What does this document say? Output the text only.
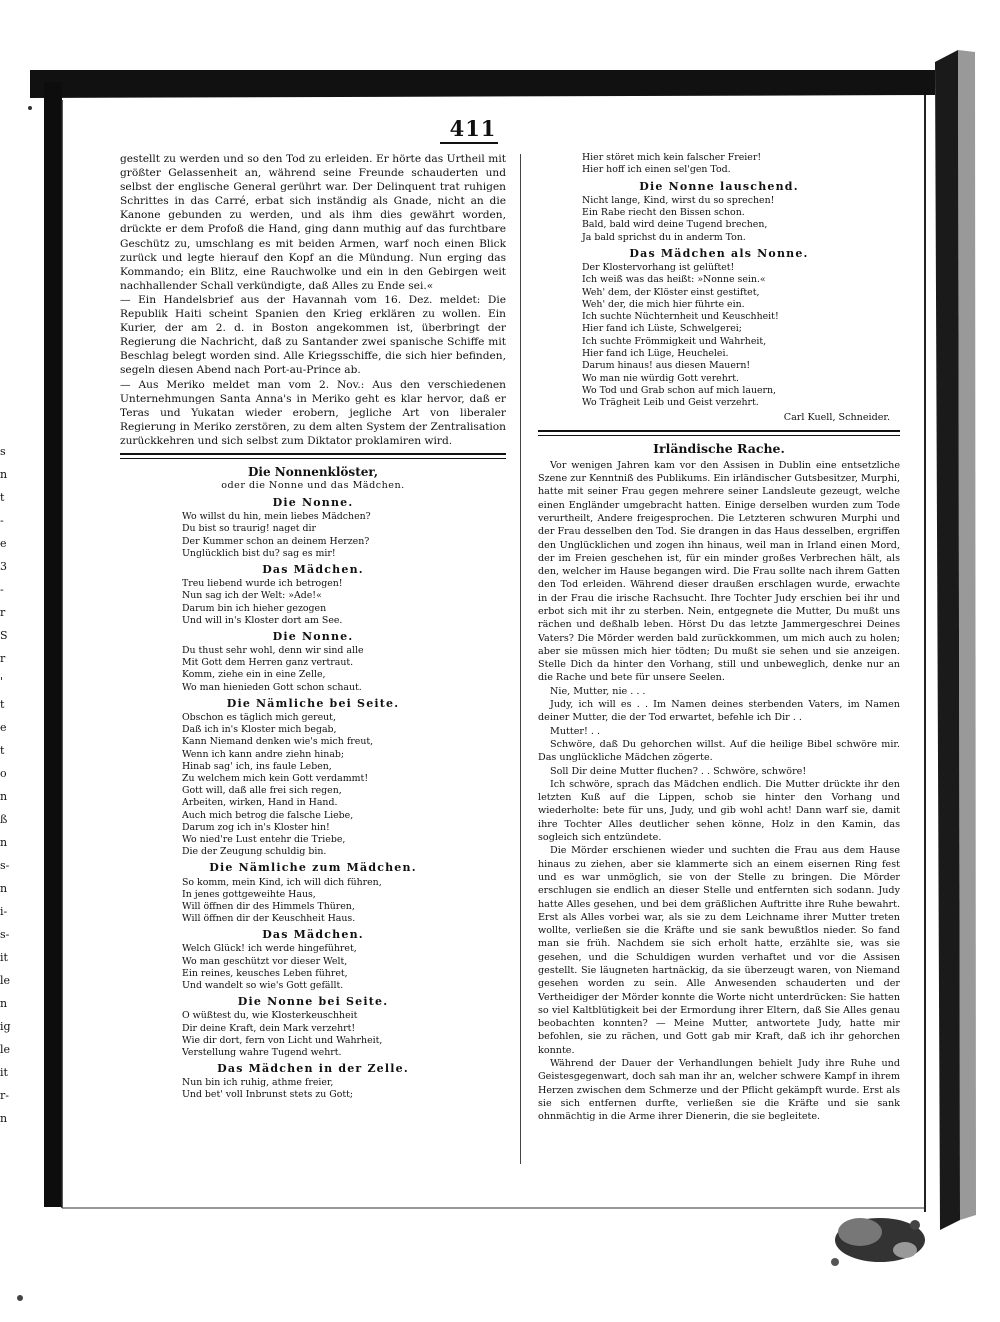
s
n
t
-
e
3
-
r
S
r
'
t
e
t
o
n
ß
n
s-
n
i-
s-
it
le
n
ig
le
it
r-
n
411

gestellt zu werden und so den Tod zu erleiden. Er hörte das Urtheil mit größter Gelassenheit an, während seine Freunde schauderten und selbst der englische General gerührt war. Der Delinquent trat ruhigen Schrittes in das Carré, erbat sich inständig als Gnade, nicht an die Kanone gebunden zu werden, und als ihm dies gewährt worden, drückte er dem Profoß die Hand, ging dann muthig auf das furchtbare Geschütz zu, umschlang es mit beiden Armen, warf noch einen Blick zurück und legte hierauf den Kopf an die Mündung. Nun erging das Kommando; ein Blitz, eine Rauchwolke und ein in den Gebirgen weit nachhallender Schall verkündigte, daß Alles zu Ende sei.«

— Ein Handelsbrief aus der Havannah vom 16. Dez. meldet: Die Republik Haiti scheint Spanien den Krieg erklären zu wollen. Ein Kurier, der am 2. d. in Boston angekommen ist, überbringt der Regierung die Nachricht, daß zu Santander zwei spanische Schiffe mit Beschlag belegt worden sind. Alle Kriegsschiffe, die sich hier befinden, segeln diesen Abend nach Port-au-Prince ab.

— Aus Meriko meldet man vom 2. Nov.: Aus den verschiedenen Unternehmungen Santa Anna's in Meriko geht es klar hervor, daß er Teras und Yukatan wieder erobern, jegliche Art von liberaler Regierung in Meriko zerstören, zu dem alten System der Zentralisation zurückkehren und sich selbst zum Diktator proklamiren wird.

Die Nonnenklöster,
oder die Nonne und das Mädchen.
Die Nonne.
Wo willst du hin, mein liebes Mädchen?
Du bist so traurig! naget dir
Der Kummer schon an deinem Herzen?
Unglücklich bist du? sag es mir!
Das Mädchen.
Treu liebend wurde ich betrogen!
Nun sag ich der Welt: »Ade!«
Darum bin ich hieher gezogen
Und will in's Kloster dort am See.
Die Nonne.
Du thust sehr wohl, denn wir sind alle
Mit Gott dem Herren ganz vertraut.
Komm, ziehe ein in eine Zelle,
Wo man hienieden Gott schon schaut.
Die Nämliche bei Seite.
Obschon es täglich mich gereut,
Daß ich in's Kloster mich begab,
Kann Niemand denken wie's mich freut,
Wenn ich kann andre ziehn hinab;
Hinab sag' ich, ins faule Leben,
Zu welchem mich kein Gott verdammt!
Gott will, daß alle frei sich regen,
Arbeiten, wirken, Hand in Hand.
Auch mich betrog die falsche Liebe,
Darum zog ich in's Kloster hin!
Wo nied're Lust entehr die Triebe,
Die der Zeugung schuldig bin.
Die Nämliche zum Mädchen.
So komm, mein Kind, ich will dich führen,
In jenes gottgeweihte Haus,
Will öffnen dir des Himmels Thüren,
Will öffnen dir der Keuschheit Haus.
Das Mädchen.
Welch Glück! ich werde hingeführet,
Wo man geschützt vor dieser Welt,
Ein reines, keusches Leben führet,
Und wandelt so wie's Gott gefällt.
Die Nonne bei Seite.
O wüßtest du, wie Klosterkeuschheit
Dir deine Kraft, dein Mark verzehrt!
Wie dir dort, fern von Licht und Wahrheit,
Verstellung wahre Tugend wehrt.
Das Mädchen in der Zelle.
Nun bin ich ruhig, athme freier,
Und bet' voll Inbrunst stets zu Gott;
Hier störet mich kein falscher Freier!
Hier hoff ich einen sel'gen Tod.
Die Nonne lauschend.
Nicht lange, Kind, wirst du so sprechen!
Ein Rabe riecht den Bissen schon.
Bald, bald wird deine Tugend brechen,
Ja bald sprichst du in anderm Ton.
Das Mädchen als Nonne.
Der Klostervorhang ist gelüftet!
Ich weiß was das heißt: »Nonne sein.«
Weh' dem, der Klöster einst gestiftet,
Weh' der, die mich hier führte ein.
Ich suchte Nüchternheit und Keuschheit!
Hier fand ich Lüste, Schwelgerei;
Ich suchte Frömmigkeit und Wahrheit,
Hier fand ich Lüge, Heuchelei.
Darum hinaus! aus diesen Mauern!
Wo man nie würdig Gott verehrt.
Wo Tod und Grab schon auf mich lauern,
Wo Trägheit Leib und Geist verzehrt.
Carl Kuell, Schneider.
Irländische Rache.

Vor wenigen Jahren kam vor den Assisen in Dublin eine entsetzliche Szene zur Kenntniß des Publikums. Ein irländischer Gutsbesitzer, Murphi, hatte mit seiner Frau gegen mehrere seiner Landsleute gezeugt, welche einen Engländer umgebracht hatten. Einige derselben wurden zum Tode verurtheilt, Andere freigesprochen. Die Letzteren schwuren Murphi und der Frau desselben den Tod. Sie drangen in das Haus desselben, ergriffen den Unglücklichen und zogen ihn hinaus, weil man in Irland einen Mord, der im Freien geschehen ist, für ein minder großes Verbrechen hält, als den, welcher im Hause begangen wird. Die Frau sollte nach ihrem Gatten den Tod erleiden. Während dieser draußen erschlagen wurde, erwachte in der Frau die irische Rachsucht. Ihre Tochter Judy erschien bei ihr und erbot sich mit ihr zu sterben. Nein, entgegnete die Mutter, Du mußt uns rächen und deßhalb leben. Hörst Du das letzte Jammergeschrei Deines Vaters? Die Mörder werden bald zurückkommen, um mich auch zu holen; aber sie müssen mich hier tödten; Du mußt sie sehen und sie anzeigen. Stelle Dich da hinter den Vorhang, still und unbeweglich, denke nur an die Rache und bete für unsere Seelen.

Nie, Mutter, nie . . .

Judy, ich will es . . Im Namen deines sterbenden Vaters, im Namen deiner Mutter, die der Tod erwartet, befehle ich Dir . .

Mutter! . .

Schwöre, daß Du gehorchen willst. Auf die heilige Bibel schwöre mir. Das unglückliche Mädchen zögerte.

Soll Dir deine Mutter fluchen? . . Schwöre, schwöre!

Ich schwöre, sprach das Mädchen endlich. Die Mutter drückte ihr den letzten Kuß auf die Lippen, schob sie hinter den Vorhang und wiederholte: bete für uns, Judy, und gib wohl acht! Dann warf sie, damit ihre Tochter Alles deutlicher sehen könne, Holz in den Kamin, das sogleich sich entzündete.

Die Mörder erschienen wieder und suchten die Frau aus dem Hause hinaus zu ziehen, aber sie klammerte sich an einem eisernen Ring fest und es war unmöglich, sie von der Stelle zu bringen. Die Mörder erschlugen sie endlich an dieser Stelle und entfernten sich sodann. Judy hatte Alles gesehen, und bei dem gräßlichen Auftritte ihre Ruhe bewahrt. Erst als Alles vorbei war, als sie zu dem Leichname ihrer Mutter treten wollte, verließen sie die Kräfte und sie sank bewußtlos nieder. So fand man sie früh. Nachdem sie sich erholt hatte, erzählte sie, was sie gesehen, und die Schuldigen wurden verhaftet und vor die Assisen gestellt. Sie läugneten hartnäckig, da sie überzeugt waren, von Niemand gesehen worden zu sein. Alle Anwesenden schauderten und der Vertheidiger der Mörder konnte die Worte nicht unterdrücken: Sie hatten so viel Kaltblütigkeit bei der Ermordung ihrer Eltern, daß Sie Alles genau beobachten konnten? — Meine Mutter, antwortete Judy, hatte mir befohlen, sie zu rächen, und Gott gab mir Kraft, daß ich ihr gehorchen konnte.

Während der Dauer der Verhandlungen behielt Judy ihre Ruhe und Geistesgegenwart, doch sah man ihr an, welcher schwere Kampf in ihrem Herzen zwischen dem Schmerze und der Pflicht gekämpft wurde. Erst als sie sich entfernen durfte, verließen sie die Kräfte und sie sank ohnmächtig in die Arme ihrer Dienerin, die sie begleitete.
